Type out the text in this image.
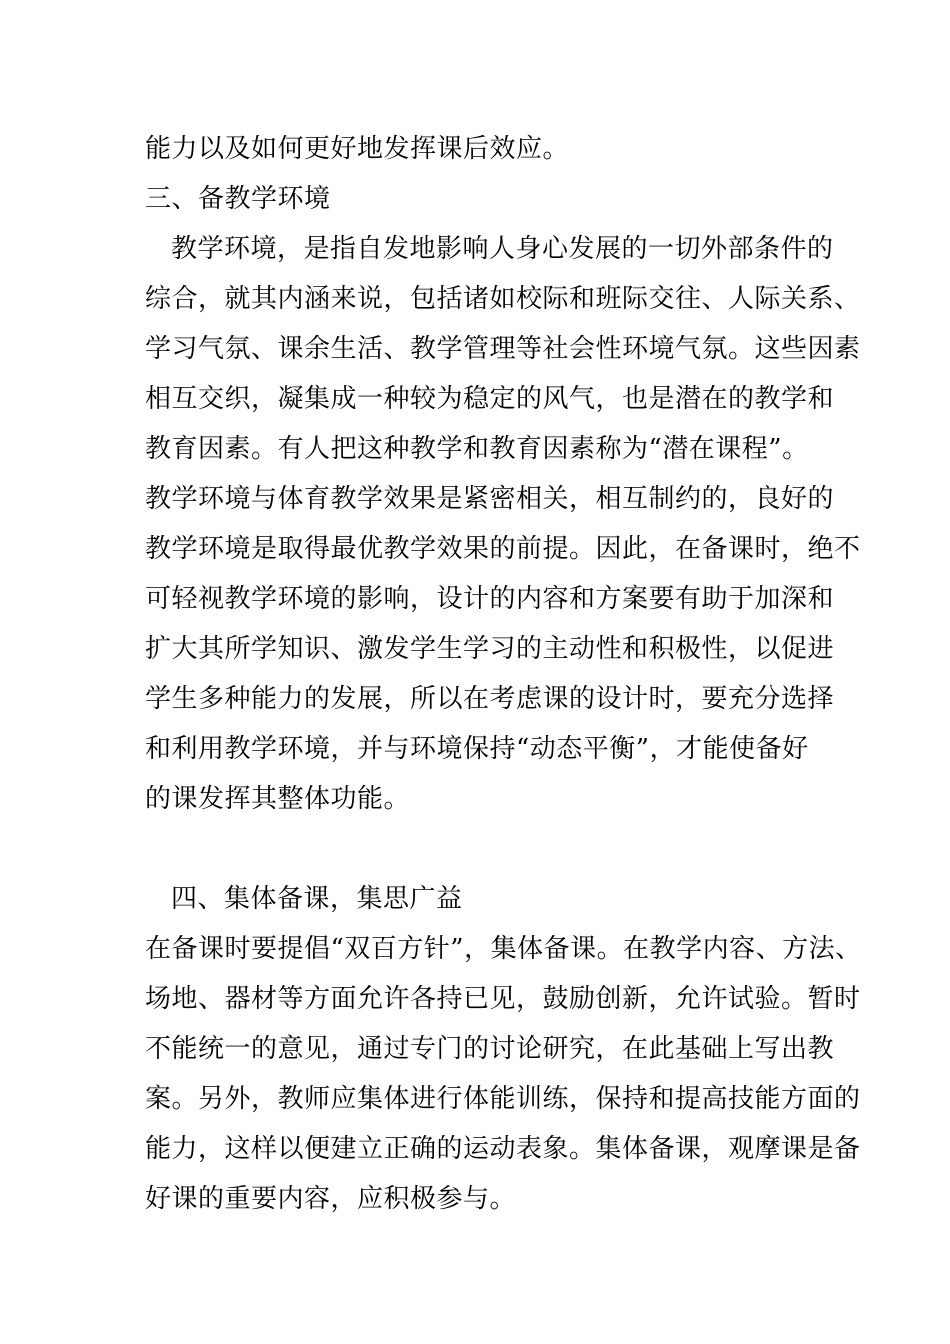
能力以及如何更好地发挥课后效应。
三、备教学环境
教学环境，是指自发地影响人身心发展的一切外部条件的
综合，就其内涵来说，包括诸如校际和班际交往、人际关系、
学习气氛、课余生活、教学管理等社会性环境气氛。这些因素
相互交织，凝集成一种较为稳定的风气，也是潜在的教学和
教育因素。有人把这种教学和教育因素称为“潜在课程”。
教学环境与体育教学效果是紧密相关，相互制约的，良好的
教学环境是取得最优教学效果的前提。因此，在备课时，绝不
可轻视教学环境的影响，设计的内容和方案要有助于加深和
扩大其所学知识、激发学生学习的主动性和积极性，以促进
学生多种能力的发展，所以在考虑课的设计时，要充分选择
和利用教学环境，并与环境保持“动态平衡”，才能使备好
的课发挥其整体功能。
四、集体备课，集思广益
在备课时要提倡“双百方针”，集体备课。在教学内容、方法、
场地、器材等方面允许各持已见，鼓励创新，允许试验。暂时
不能统一的意见，通过专门的讨论研究，在此基础上写出教
案。另外，教师应集体进行体能训练，保持和提高技能方面的
能力，这样以便建立正确的运动表象。集体备课，观摩课是备
好课的重要内容，应积极参与。
